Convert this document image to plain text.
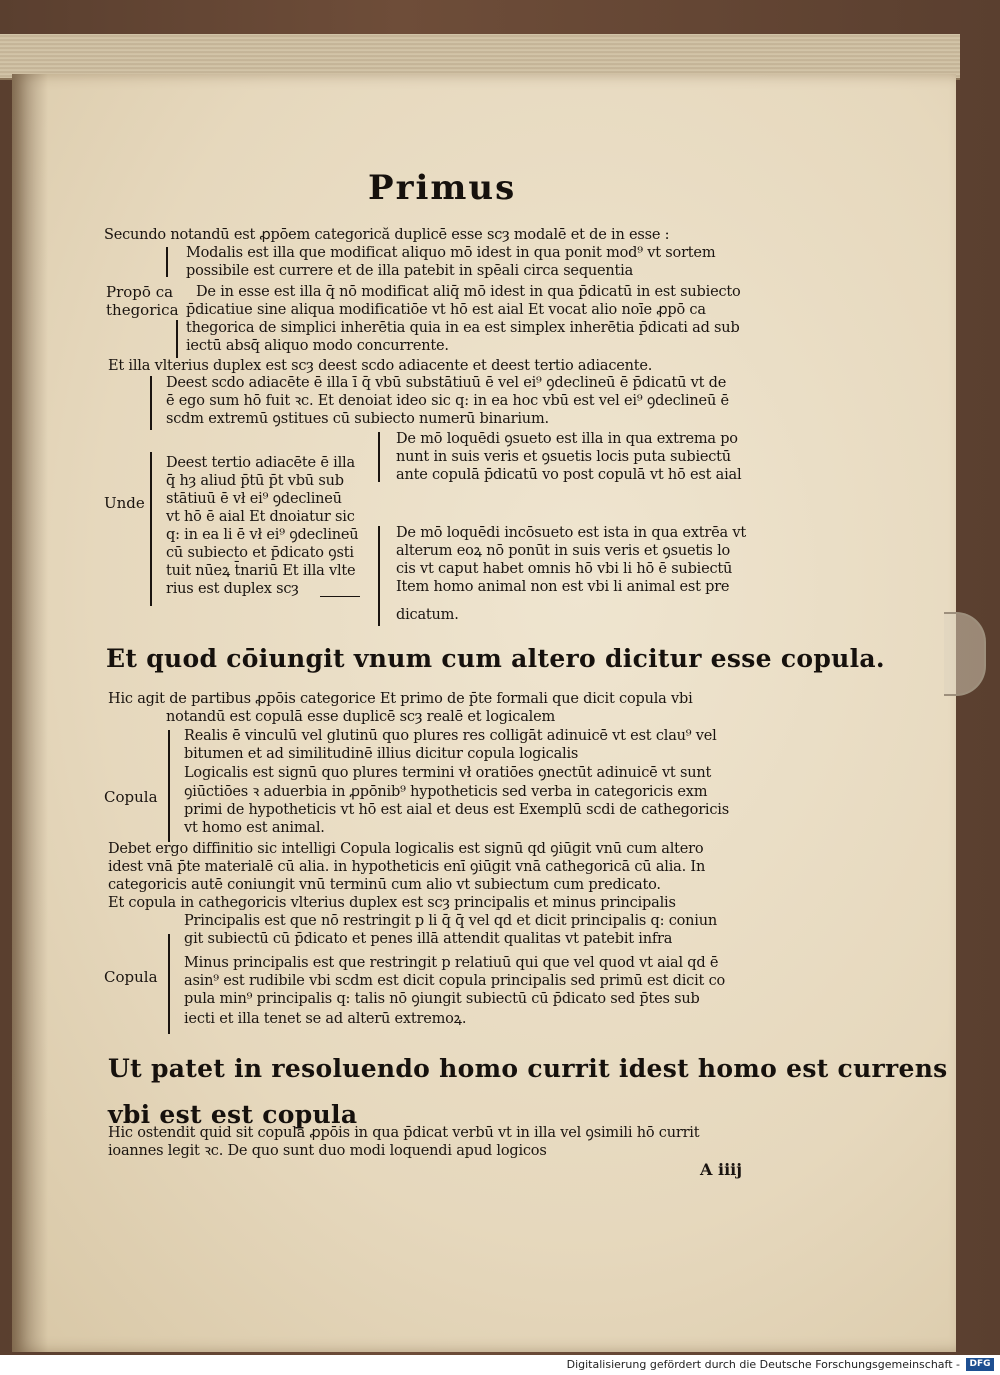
Primus
Secundo notandū est ꝓpōem categorică duplicē esse scȝ modalē et de in esse :
Modalis est illa que modificat aliquo mō idest in qua ponit mod⁹ vt sortem
possibile est currere et de illa patebit in spēali circa sequentia
Propō ca
thegorica
De in esse est illa q̄ nō modificat aliq̄ mō idest in qua p̄dicatū in est subiecto
p̄dicatiue sine aliqua modificatiōe vt hō est aial Et vocat alio noīe ꝓpō ca
thegorica de simplici inherētia quia in ea est simplex inherētia p̄dicati ad sub
iectū absq̄ aliquo modo concurrente.
Et illa vlterius duplex est scȝ deest scdo adiacente et deest tertio adiacente.
Deest scdo adiacēte ē illa ī q̄ vbū substātiuū ē vel ei⁹ ꝯdeclineū ē p̄dicatū vt de
ē ego sum hō fuit ꝛc. Et denoiat ideo sic q: in ea hoc vbū est vel ei⁹ ꝯdeclineū ē
scdm extremū ꝯstitues cū subiecto numerū binarium.
De mō loquēdi ꝯsueto est illa in qua extrema po
nunt in suis veris et ꝯsuetis locis puta subiectū
ante copulā p̄dicatū vo post copulā vt hō est aial
Deest tertio adiacēte ē illa
q̄ hȝ aliud p̄tū p̄t vbū sub
Unde stātiuū ē vł ei⁹ ꝯdeclineū
vt hō ē aial Et dnoiatur sic
q: in ea li ē vł ei⁹ ꝯdeclineū
cū subiecto et p̄dicato ꝯsti
tuit nūeꝝ t̄nariū Et illa vlte
rius est duplex scȝ
De mō loquēdi incōsueto est ista in qua extrēa vt
alterum eoꝝ nō ponūt in suis veris et ꝯsuetis lo
cis vt caput habet omnis hō vbi li hō ē subiectū
Item homo animal non est vbi li animal est pre
dicatum.
Et quod cōiungit vnum cum altero dicitur esse copula.
Hic agit de partibus ꝓpōis categorice Et primo de p̄te formali que dicit copula vbi
notandū est copulā esse duplicē scȝ realē et logicalem
Realis ē vinculū vel glutinū quo plures res colligāt adinuicē vt est clau⁹ vel
bitumen et ad similitudinē illius dicitur copula logicalis
Logicalis est signū quo plures termini vł oratiōes ꝯnectūt adinuicē vt sunt
Copula ꝯiūctiōes ꝛ aduerbia in ꝓpōnib⁹ hypotheticis sed verba in categoricis exm
primi de hypotheticis vt hō est aial et deus est Exemplū scdi de cathegoricis
vt homo est animal.
Debet ergo diffinitio sic intelligi Copula logicalis est signū qd ꝯiūgit vnū cum altero
idest vnā p̄te materialē cū alia. in hypotheticis enī ꝯiūgit vnā cathegoricā cū alia. In
categoricis autē coniungit vnū terminū cum alio vt subiectum cum predicato.
Et copula in cathegoricis vlterius duplex est scȝ principalis et minus principalis
Principalis est que nō restringit p li q̄ q̄ vel qd et dicit principalis q: coniun
git subiectū cū p̄dicato et penes illā attendit qualitas vt patebit infra
Copula
Minus principalis est que restringit p relatiuū qui que vel quod vt aial qd ē
asin⁹ est rudibile vbi scdm est dicit copula principalis sed primū est dicit co
pula min⁹ principalis q: talis nō ꝯiungit subiectū cū p̄dicato sed p̄tes sub
iecti et illa tenet se ad alterū extremoꝝ.
Ut patet in resoluendo homo currit idest homo est currens
vbi est est copula
Hic ostendit quid sit copula ꝓpōis in qua p̄dicat verbū vt in illa vel ꝯsimili hō currit
ioannes legit ꝛc. De quo sunt duo modi loquendi apud logicos
A iiij
Digitalisierung gefördert durch die Deutsche Forschungsgemeinschaft -	DFG
